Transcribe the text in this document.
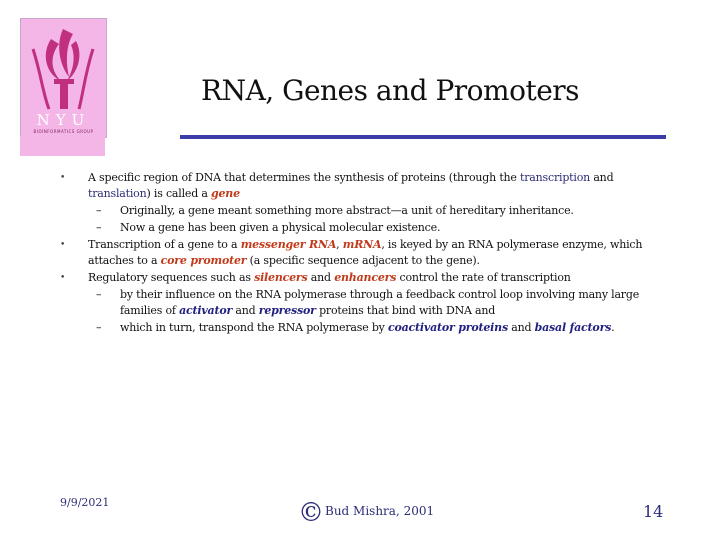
NYU
BIOINFORMATICS GROUP
RNA, Genes and Promoters
• A specific region of DNA that determines the synthesis of proteins (through the transcription and translation) is called a gene
– Originally, a gene meant something more abstract—a unit of hereditary inheritance.
– Now a gene has been given a physical molecular existence.
• Transcription of a gene to a messenger RNA, mRNA, is keyed by an RNA polymerase enzyme, which attaches to a core promoter (a specific sequence adjacent to the gene).
• Regulatory sequences such as silencers and enhancers control the rate of transcription
– by their influence on the RNA polymerase through a feedback control loop involving many large families of activator and repressor proteins that bind with DNA and
– which in turn, transpond the RNA polymerase by coactivator proteins and basal factors.
9/9/2021	©Bud Mishra, 2001	14
